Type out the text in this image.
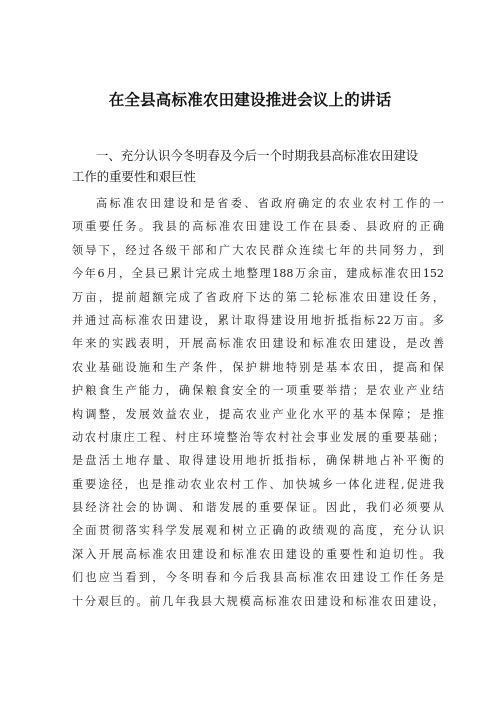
在全县高标准农田建设推进会议上的讲话
一、充分认识今冬明春及今后一个时期我县高标准农田建设
工作的重要性和艰巨性
高标准农田建设和是省委、省政府确定的农业农村工作的一
项重要任务。我县的高标准农田建设工作在县委、县政府的正确
领导下，经过各级干部和广大农民群众连续七年的共同努力，到
今年6月，全县已累计完成土地整理188万余亩，建成标准农田152
万亩，提前超额完成了省政府下达的第二轮标准农田建设任务，
并通过高标准农田建设，累计取得建设用地折抵指标22万亩。多
年来的实践表明，开展高标准农田建设和标准农田建设，是改善
农业基础设施和生产条件，保护耕地特别是基本农田，提高和保
护粮食生产能力，确保粮食安全的一项重要举措；是农业产业结
构调整，发展效益农业，提高农业产业化水平的基本保障；是推
动农村康庄工程、村庄环境整治等农村社会事业发展的重要基础；
是盘活土地存量、取得建设用地折抵指标，确保耕地占补平衡的
重要途径，也是推动农业农村工作、加快城乡一体化进程,促进我
县经济社会的协调、和谐发展的重要保证。因此，我们必须要从
全面贯彻落实科学发展观和树立正确的政绩观的高度，充分认识
深入开展高标准农田建设和标准农田建设的重要性和迫切性。我
们也应当看到，今冬明春和今后我县高标准农田建设工作任务是
十分艰巨的。前几年我县大规模高标准农田建设和标准农田建设，
